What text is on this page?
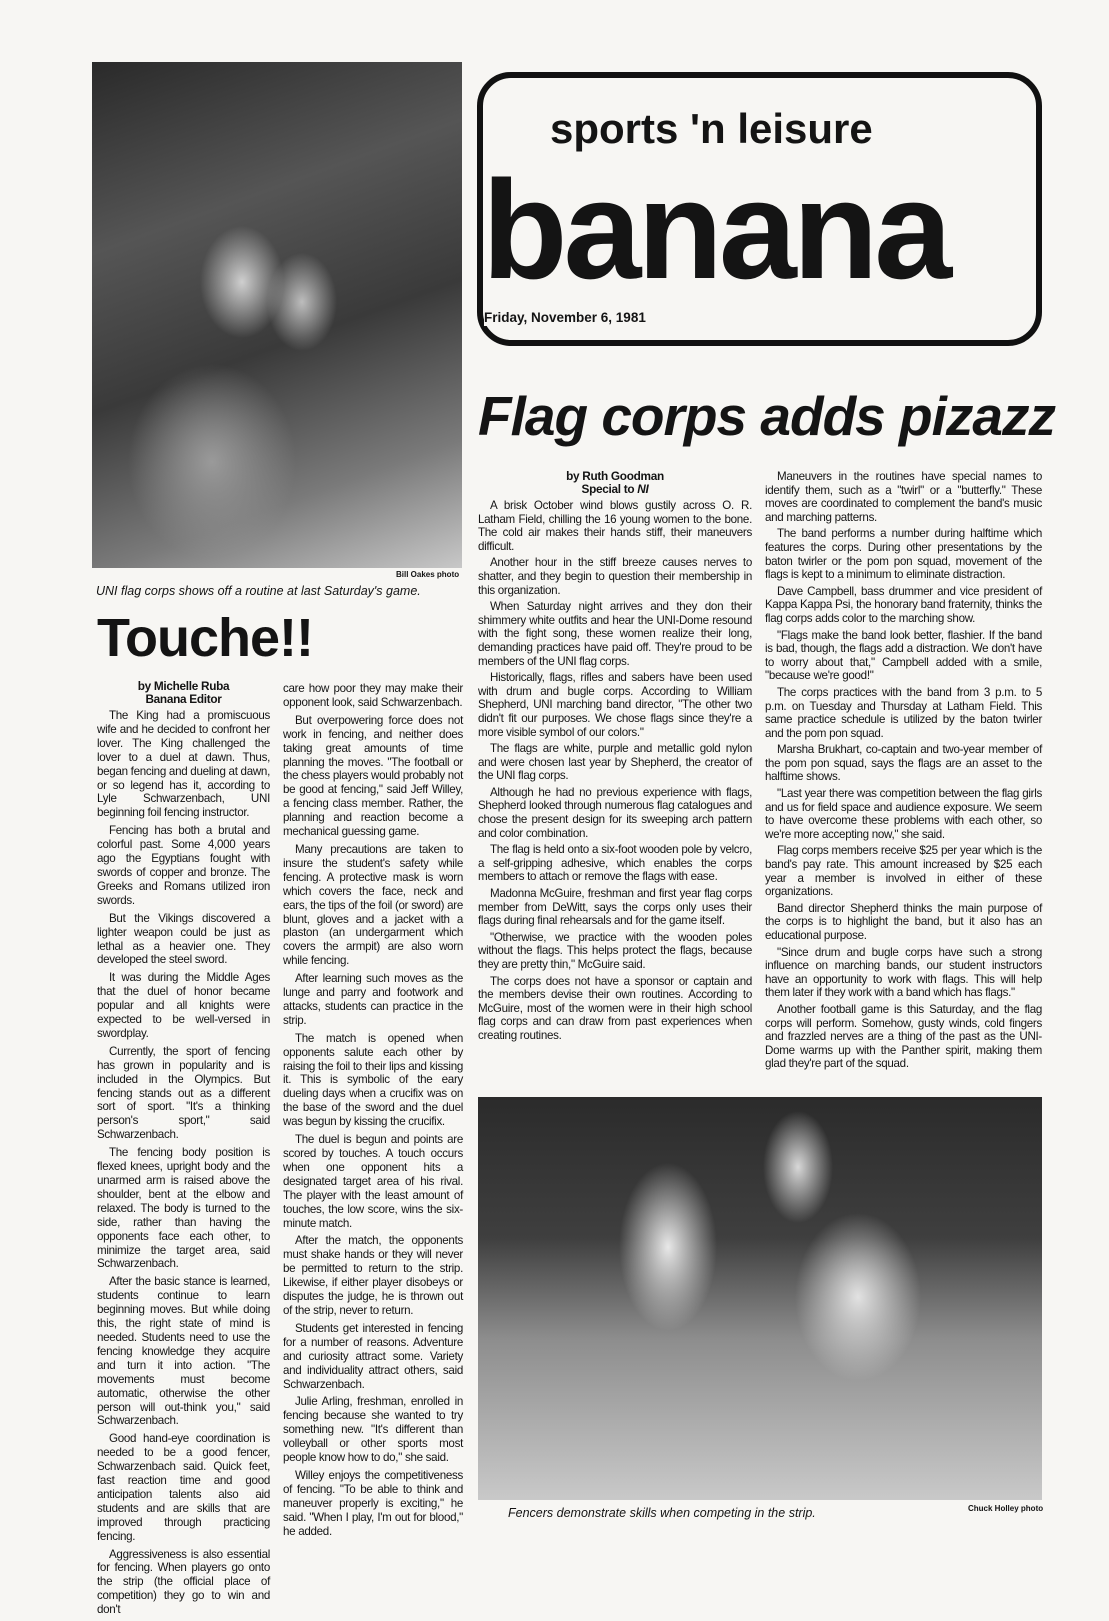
Bill Oakes photo
UNI flag corps shows off a routine at last Saturday's game.
sports 'n leisure
banana
Friday, November 6, 1981
Flag corps adds pizazz
by Ruth Goodman
Special to NI

A brisk October wind blows gustily across O. R. Latham Field, chilling the 16 young women to the bone. The cold air makes their hands stiff, their maneuvers difficult.

Another hour in the stiff breeze causes nerves to shatter, and they begin to question their membership in this organization.

When Saturday night arrives and they don their shimmery white outfits and hear the UNI-Dome resound with the fight song, these women realize their long, demanding practices have paid off. They're proud to be members of the UNI flag corps.

Historically, flags, rifles and sabers have been used with drum and bugle corps. According to William Shepherd, UNI marching band director, "The other two didn't fit our purposes. We chose flags since they're a more visible symbol of our colors."

The flags are white, purple and metallic gold nylon and were chosen last year by Shepherd, the creator of the UNI flag corps.

Although he had no previous experience with flags, Shepherd looked through numerous flag catalogues and chose the present design for its sweeping arch pattern and color combination.

The flag is held onto a six-foot wooden pole by velcro, a self-gripping adhesive, which enables the corps members to attach or remove the flags with ease.

Madonna McGuire, freshman and first year flag corps member from DeWitt, says the corps only uses their flags during final rehearsals and for the game itself.

"Otherwise, we practice with the wooden poles without the flags. This helps protect the flags, because they are pretty thin," McGuire said.

The corps does not have a sponsor or captain and the members devise their own routines. According to McGuire, most of the women were in their high school flag corps and can draw from past experiences when creating routines.

Maneuvers in the routines have special names to identify them, such as a "twirl" or a "butterfly." These moves are coordinated to complement the band's music and marching patterns.

The band performs a number during halftime which features the corps. During other presentations by the baton twirler or the pom pon squad, movement of the flags is kept to a minimum to eliminate distraction.

Dave Campbell, bass drummer and vice president of Kappa Kappa Psi, the honorary band fraternity, thinks the flag corps adds color to the marching show.

"Flags make the band look better, flashier. If the band is bad, though, the flags add a distraction. We don't have to worry about that," Campbell added with a smile, "because we're good!"

The corps practices with the band from 3 p.m. to 5 p.m. on Tuesday and Thursday at Latham Field. This same practice schedule is utilized by the baton twirler and the pom pon squad.

Marsha Brukhart, co-captain and two-year member of the pom pon squad, says the flags are an asset to the halftime shows.

"Last year there was competition between the flag girls and us for field space and audience exposure. We seem to have overcome these problems with each other, so we're more accepting now," she said.

Flag corps members receive $25 per year which is the band's pay rate. This amount increased by $25 each year a member is involved in either of these organizations.

Band director Shepherd thinks the main purpose of the corps is to highlight the band, but it also has an educational purpose.

"Since drum and bugle corps have such a strong influence on marching bands, our student instructors have an opportunity to work with flags. This will help them later if they work with a band which has flags."

Another football game is this Saturday, and the flag corps will perform. Somehow, gusty winds, cold fingers and frazzled nerves are a thing of the past as the UNI-Dome warms up with the Panther spirit, making them glad they're part of the squad.

Touche!!
by Michelle Ruba
Banana Editor

The King had a promiscuous wife and he decided to confront her lover. The King challenged the lover to a duel at dawn. Thus, began fencing and dueling at dawn, or so legend has it, according to Lyle Schwarzenbach, UNI beginning foil fencing instructor.

Fencing has both a brutal and colorful past. Some 4,000 years ago the Egyptians fought with swords of copper and bronze. The Greeks and Romans utilized iron swords.

But the Vikings discovered a lighter weapon could be just as lethal as a heavier one. They developed the steel sword.

It was during the Middle Ages that the duel of honor became popular and all knights were expected to be well-versed in swordplay.

Currently, the sport of fencing has grown in popularity and is included in the Olympics. But fencing stands out as a different sort of sport. "It's a thinking person's sport," said Schwarzenbach.

The fencing body position is flexed knees, upright body and the unarmed arm is raised above the shoulder, bent at the elbow and relaxed. The body is turned to the side, rather than having the opponents face each other, to minimize the target area, said Schwarzenbach.

After the basic stance is learned, students continue to learn beginning moves. But while doing this, the right state of mind is needed. Students need to use the fencing knowledge they acquire and turn it into action. "The movements must become automatic, otherwise the other person will out-think you," said Schwarzenbach.

Good hand-eye coordination is needed to be a good fencer, Schwarzenbach said. Quick feet, fast reaction time and good anticipation talents also aid students and are skills that are improved through practicing fencing.

Aggressiveness is also essential for fencing. When players go onto the strip (the official place of competition) they go to win and don't

care how poor they may make their opponent look, said Schwarzenbach.

But overpowering force does not work in fencing, and neither does taking great amounts of time planning the moves. "The football or the chess players would probably not be good at fencing," said Jeff Willey, a fencing class member. Rather, the planning and reaction become a mechanical guessing game.

Many precautions are taken to insure the student's safety while fencing. A protective mask is worn which covers the face, neck and ears, the tips of the foil (or sword) are blunt, gloves and a jacket with a plaston (an undergarment which covers the armpit) are also worn while fencing.

After learning such moves as the lunge and parry and footwork and attacks, students can practice in the strip.

The match is opened when opponents salute each other by raising the foil to their lips and kissing it. This is symbolic of the eary dueling days when a crucifix was on the base of the sword and the duel was begun by kissing the crucifix.

The duel is begun and points are scored by touches. A touch occurs when one opponent hits a designated target area of his rival. The player with the least amount of touches, the low score, wins the six-minute match.

After the match, the opponents must shake hands or they will never be permitted to return to the strip. Likewise, if either player disobeys or disputes the judge, he is thrown out of the strip, never to return.

Students get interested in fencing for a number of reasons. Adventure and curiosity attract some. Variety and individuality attract others, said Schwarzenbach.

Julie Arling, freshman, enrolled in fencing because she wanted to try something new. "It's different than volleyball or other sports most people know how to do," she said.

Willey enjoys the competitiveness of fencing. "To be able to think and maneuver properly is exciting," he said. "When I play, I'm out for blood," he added.

Fencers demonstrate skills when competing in the strip.	Chuck Holley photo
